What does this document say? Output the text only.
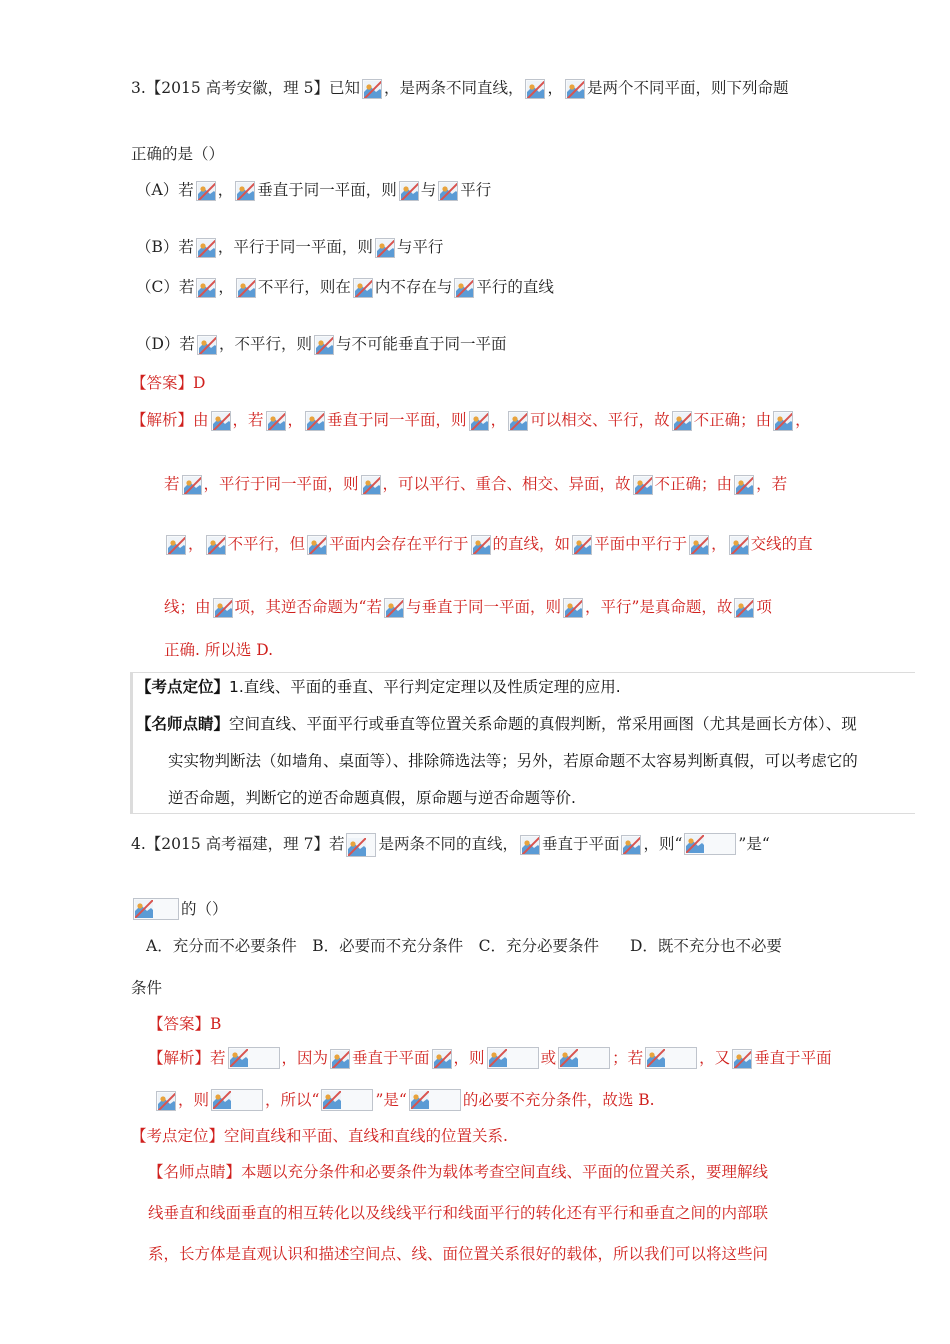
3.【2015 高考安徽，理 5】已知 ，是两条不同直线， ， 是两个不同平面，则下列命题
正确的是（）
（A）若 ， 垂直于同一平面，则 与 平行
（B）若 ，平行于同一平面，则 与平行
（C）若 ， 不平行，则在 内不存在与 平行的直线
（D）若 ，不平行，则 与不可能垂直于同一平面
【答案】D
【解析】由 ，若 ， 垂直于同一平面，则 ， 可以相交、平行，故 不正确；由 ，
若 ，平行于同一平面，则 ，可以平行、重合、相交、异面，故 不正确；由 ，若
， 不平行，但 平面内会存在平行于 的直线，如 平面中平行于 ， 交线的直
线；由 项，其逆否命题为“若 与垂直于同一平面，则 ，平行”是真命题，故 项
正确. 所以选 D.
【考点定位】1.直线、平面的垂直、平行判定定理以及性质定理的应用.
【名师点睛】空间直线、平面平行或垂直等位置关系命题的真假判断，常采用画图（尤其是画长方体）、现
实实物判断法（如墙角、桌面等）、排除筛选法等；另外，若原命题不太容易判断真假，可以考虑它的
逆否命题，判断它的逆否命题真假，原命题与逆否命题等价.
4.【2015 高考福建，理 7】若 是两条不同的直线， 垂直于平面 ，则“	”是“
的（）
A．充分而不必要条件　B．必要而不充分条件　C．充分必要条件　　D．既不充分也不必要
条件
【答案】B
【解析】若	，因为 垂直于平面 ，则	或	；若	，又 垂直于平面
，则	，所以“	”是“	的必要不充分条件，故选 B.
【考点定位】空间直线和平面、直线和直线的位置关系.
【名师点睛】本题以充分条件和必要条件为载体考查空间直线、平面的位置关系，要理解线
线垂直和线面垂直的相互转化以及线线平行和线面平行的转化还有平行和垂直之间的内部联
系，长方体是直观认识和描述空间点、线、面位置关系很好的载体，所以我们可以将这些问
